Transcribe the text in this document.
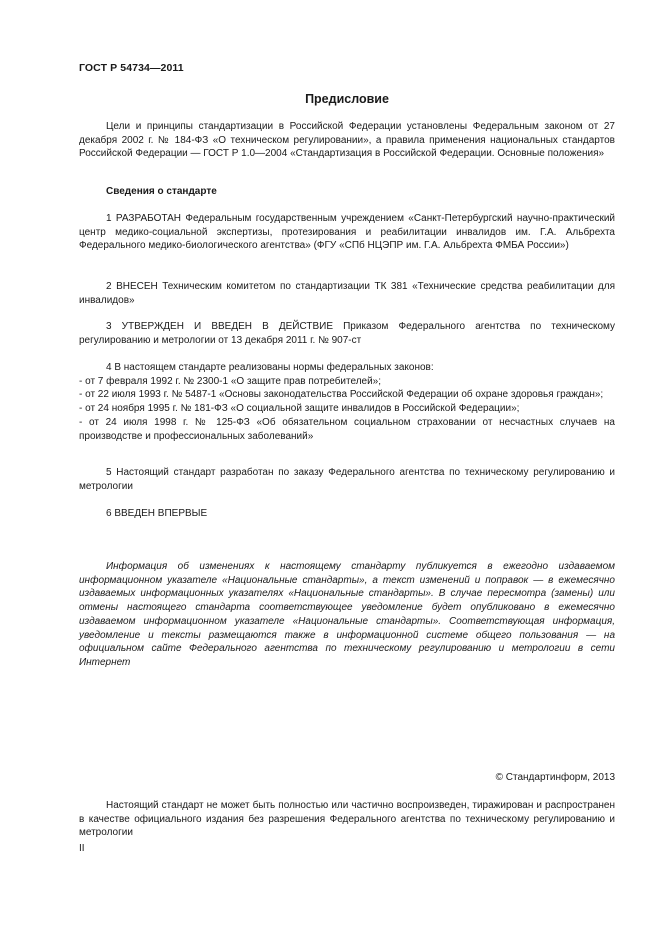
ГОСТ Р 54734—2011
Предисловие

Цели и принципы стандартизации в Российской Федерации установлены Федеральным законом от 27 декабря 2002 г. № 184-ФЗ «О техническом регулировании», а правила применения национальных стандартов Российской Федерации — ГОСТ Р 1.0—2004 «Стандартизация в Российской Федерации. Основные положения»

Сведения о стандарте

1 РАЗРАБОТАН Федеральным государственным учреждением «Санкт-Петербургский научно-практический центр медико-социальной экспертизы, протезирования и реабилитации инвалидов им. Г.А. Альбрехта Федерального медико-биологического агентства» (ФГУ «СПб НЦЭПР им. Г.А. Альбрехта ФМБА России»)

2 ВНЕСЕН Техническим комитетом по стандартизации ТК 381 «Технические средства реабилитации для инвалидов»

3 УТВЕРЖДЕН И ВВЕДЕН В ДЕЙСТВИЕ Приказом Федерального агентства по техническому регулированию и метрологии от 13 декабря 2011 г. № 907-ст

4 В настоящем стандарте реализованы нормы федеральных законов:

- от 7 февраля 1992 г. № 2300-1 «О защите прав потребителей»;

- от 22 июля 1993 г. № 5487-1 «Основы законодательства Российской Федерации об охране здоровья граждан»;

- от 24 ноября 1995 г. № 181-ФЗ «О социальной защите инвалидов в Российской Федерации»;

- от 24 июля 1998 г. № 125-ФЗ «Об обязательном социальном страховании от несчастных случаев на производстве и профессиональных заболеваний»

5 Настоящий стандарт разработан по заказу Федерального агентства по техническому регулированию и метрологии

6 ВВЕДЕН ВПЕРВЫЕ

Информация об изменениях к настоящему стандарту публикуется в ежегодно издаваемом информационном указателе «Национальные стандарты», а текст изменений и поправок — в ежемесячно издаваемых информационных указателях «Национальные стандарты». В случае пересмотра (замены) или отмены настоящего стандарта соответствующее уведомление будет опубликовано в ежемесячно издаваемом информационном указателе «Национальные стандарты». Соответствующая информация, уведомление и тексты размещаются также в информационной системе общего пользования — на официальном сайте Федерального агентства по техническому регулированию и метрологии в сети Интернет

© Стандартинформ, 2013

Настоящий стандарт не может быть полностью или частично воспроизведен, тиражирован и распространен в качестве официального издания без разрешения Федерального агентства по техническому регулированию и метрологии

II
